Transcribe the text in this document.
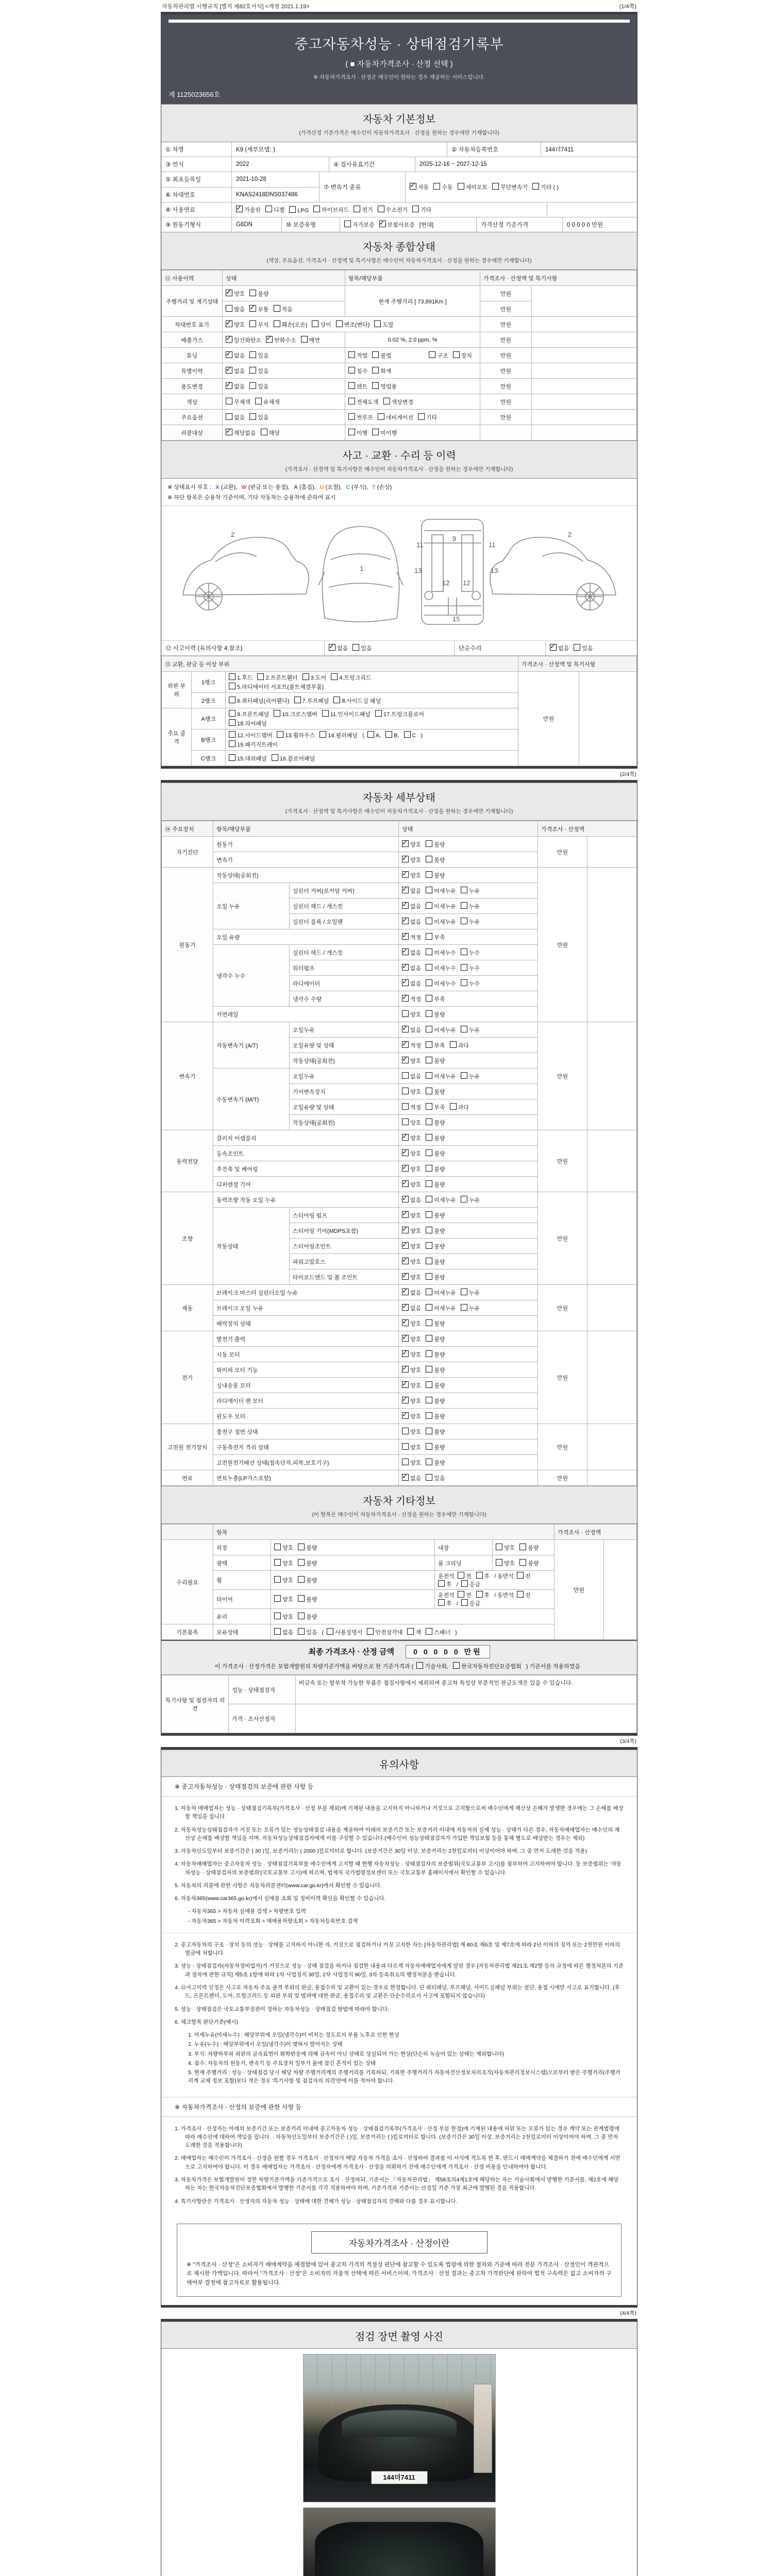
자동차관리법 시행규칙 [별지 제82호서식] <개정 2021.1.19>	(1/4쪽)
중고자동차성능 · 상태점검기록부
( ■ 자동차가격조사 · 산정 선택 )
※ 자동차가격조사 · 산정은 매수인이 원하는 경우 제공하는 서비스입니다.
제 1125023656호
자동차 기본정보
(가격산정 기준가격은 매수인이 자동차가격조사 · 산정을 원하는 경우에만 기재합니다)
① 차명	K9 (세부모델: )	② 자동차등록번호	144더7411
③ 연식	2022	④ 검사유효기간	2025-12-16 ~ 2027-12-15
⑤ 최초등록일	2021-10-28
⑥ 차대번호	KNAS2418DNS037486
⑦ 변속기 종류 ✓	자동	수동	세미오토	무단변속기	기타 ( )
⑧ 사용연료 ✓	가솔린	디젤	LPG	하이브리드	전기	수소전기	기타
⑨ 원동기형식	G6DN	⑩ 보증유형	자가보증 ✓	보험사보증 [현대]	가격산정 기준가격	0 0 0 0 0 만원
자동차 종합상태
(색상, 주요옵션, 가격조사 · 산정액 및 특기사항은 매수인이 자동차가격조사 · 산정을 원하는 경우에만 기재합니다)
⑪ 사용이력	상태	항목/해당부품	가격조사 · 산정액 및 특기사항	
주행거리 및 계기상태	✓양호 불량	현재 주행거리 [ 73,891Km ]	만원	
	많음 ✓ 보통 적음		만원	
차대번호 표기	✓양호 부식 훼손(오손) 상이 변조(변타) 도말		만원	
배출가스	✓일산화탄소 ✓ 탄화수소 매연	0.02 %, 2.0 ppm, %	만원	
튜닝	✓없음 있음	적법 불법 구조 장치	만원	
특별이력	✓없음 있음	침수 화재	만원	
용도변경	✓없음 있음	렌트 영업용	만원	
색상	무채색 유채색	전체도색 색상변경	만원	
주요옵션	없음 있음	썬루프 네비게이션 기타	만원	
리콜대상	✓해당없음 해당	이행 미이행		
사고 · 교환 · 수리 등 이력
(가격조사 · 산정액 및 특기사항은 매수인이 자동차가격조사 · 산정을 원하는 경우에만 기재합니다)
※ 상태표시 부호 : X (교환), W (판금 또는 용접), A (흠집), U (요철), C (부식), T (손상)
※ 하단 항목은 승용차 기준이며, 기타 자동차는 승용차에 준하여 표시
2
1
11	11
13	13
12 12
9
15
2
⑫ 사고이력 (유의사항 4.참조) ✓	없음	있음	단순수리 ✓	없음	있음
⑬ 교환, 판금 등 이상 부위			가격조사 · 산정액 및 특기사항	
외판 부위	1랭크	1.후드 2.프론트휀더 3.도어 4.트렁크리드
5.라디에이터 서포트(볼트체결부품)	만원	
	2랭크	6.쿼터패널(리어휀다) 7.루프패널 8.사이드실 패널		

주요 골격	A랭크	9.프론트패널 10.크로스멤버 11.인사이드패널 17.트렁크플로어
18.리어패널		

	B랭크	12.사이드멤버 13.휠하우스 14.필러패널 ( A, B, C )
19.패키지트레이		

	C랭크	15.대쉬패널 16.플로어패널		
(2/4쪽)
자동차 세부상태
(가격조사 · 산정액 및 특기사항은 매수인이 자동차가격조사 · 산정을 원하는 경우에만 기재합니다)
⑭ 주요장치	항목/해당부품		상태	가격조사 · 산정액	
자기진단	원동기	✓양호 불량	만원	
	변속기	✓양호 불량
원동기	작동상태(공회전)	✓양호 불량	만원	
	오일 누유	실린더 커버(로커암 커버)	✓없음 미세누유 누유
		실린더 헤드 / 개스킷	✓없음 미세누유 누유
		실린더 블록 / 오일팬	✓없음 미세누유 누유
	오일 유량	✓적정 부족
	냉각수 누수	실린더 헤드 / 개스킷	✓없음 미세누수 누수
		워터펌프	✓없음 미세누수 누수
		라디에이터	✓없음 미세누수 누수
		냉각수 수량	✓적정 부족
	커먼레일		양호 불량		
변속기	자동변속기 (A/T)	오일누유	✓없음 미세누유 누유	만원	
		오일유량 및 상태	✓적정 부족 과다
		작동상태(공회전)	✓양호 불량
	수동변속기 (M/T)	오일누유	없음 미세누유 누유		
		기어변속장치	양호 불량		
		오일유량 및 상태	적정 부족 과다		
		작동상태(공회전)	양호 불량		
동력전달	클러치 어셈블리	✓양호 불량	만원	
	등속조인트	✓양호 불량
	추진축 및 베어링	✓양호 불량
	디퍼렌셜 기어	✓양호 불량
조향	동력조향 작동 오일 누유	✓없음 미세누유 누유	만원	
	작동상태	스티어링 펌프	✓양호 불량
		스티어링 기어(MDPS포함)	✓양호 불량
		스티어링조인트	✓양호 불량
		파워고압호스	✓양호 불량
		타이로드엔드 및 볼 조인트	✓양호 불량
제동	브레이크 마스터 실린더오일 누유	✓없음 미세누유 누유	만원	
	브레이크 오일 누유	✓없음 미세누유 누유
	배력장치 상태	✓양호 불량
전기	발전기 출력	✓양호 불량	만원	
	시동 모터	✓양호 불량
	와이퍼 모터 기능	✓양호 불량
	실내송풍 모터	✓양호 불량
	라디에이터 팬 모터	✓양호 불량
	윈도우 모터	✓양호 불량
고전원 전기장치	충전구 절연 상태		양호 불량	만원	
	구동축전지 격리 상태		양호 불량		
	고전원전기배선 상태(접속단자,피복,보호기구)		양호 불량		
연료	연료누출(LP가스포함)	✓없음 있음	만원	
자동차 기타정보
(이 항목은 매수인이 자동차가격조사 · 산정을 원하는 경우에만 기재합니다)
	항목				가격조사 · 산정액	
수리필요	외장	양호 불량	내장	양호 불량	만원	
	광택	양호 불량	룸 크리닝	양호 불량		
	휠	양호 불량	운전석 전 후 / 동반석 전후 / 응급			
	타이어	양호 불량	운전석 전 후 / 동반석 전후 / 응급			
	유리	양호 불량				
기본품목	보유상태	없음 있음 ( 사용설명서 안전삼각대 잭 스패너 )				
최종 가격조사 · 산정 금액	0 0 0 0 0 만원
이 가격조사 · 산정가격은 보험개발원의 차량기준가액을 바탕으로 한 기준가격과 ( 기술사회, 한국자동차진단보증협회 ) 기준서를 적용하였음
특기사항 및 점검자의 의견	성능 · 상태점검자	비금속 또는 탈부착 가능한 부품은 점검사항에서 제외되며 중고차 특성상 부분적인 판금도색은 있을 수 있습니다.
	가격 · 조사산정자	
(3/4쪽)
유의사항
※ 중고자동차성능 · 상태점검의 보증에 관한 사항 등

1. 자동차 매매업자는 성능 · 상태점검기록부(가격조사 · 산정 부분 제외)에 기재된 내용을 고지하지 아니하거나 거짓으로 고지함으로써 매수인에게 재산상 손해가 발생한 경우에는 그 손해를 배상할 책임을 집니다.

2. 자동차성능상태점검자가 거짓 또는 오류가 있는 성능상태점검 내용을 제공하여 아래의 보증기간 또는 보증거리 이내에 자동차의 실제 성능 · 상태가 다른 경우, 자동차매매업자는 매수인의 재산상 손해를 배상할 책임을 지며, 자동차성능상태점검자에게 이를 구상할 수 있습니다.(매수인이 성능상태점검자가 가입한 책임보험 등을 통해 별도로 배상받는 경우는 제외)

3. 자동차인도일부터 보증기간은 ( 30 )일, 보증거리는 ( 2000 )킬로미터로 합니다. (보증기간은 30일 이상, 보증거리는 2천킬로미터 이상이어야 하며, 그 중 먼저 도래한 것을 적용)

4. 자동차매매업자는 중고자동차 성능 · 상태점검기록부를 매수인에게 고지할 때 현행 자동차성능 · 상태점검자의 보증범위(국토교통부 고시)를 첨부하여 고지하여야 합니다. 동 보증범위는 '자동차성능 · 상태점검자의 보증범위'(국토교통부 고시)에 따르며, 법제처 국가법령정보센터 또는 국토교통부 홈페이지에서 확인할 수 있습니다.

5. 자동차의 리콜에 관한 사항은 자동차리콜센터(www.car.go.kr)에서 확인할 수 있습니다.

6. 자동차365(www.car365.go.kr)에서 실매물 조회 및 정비이력 확인을 확인할 수 있습니다.

- 자동차365 > 자동차 실매물 검색 > 차량번호 입력

- 자동차365 > 자동차 이력조회 > 매매용차량조회 > 자동차등록번호 검색

2. 중고자동차의 구조 · 장치 등의 성능 · 상태를 고지하지 아니한 자, 거짓으로 점검하거나 거짓 고지한 자는 [자동차관리법] 제 80조 제6호 및 제7호에 따라 2년 이하의 징역 또는 2천만원 이하의 벌금에 처합니다.

3. 성능 · 상태점검자(자동차정비업자)가 거짓으로 성능 · 상태 점검을 하거나 점검한 내용과 다르게 자동차매매업자에게 알린 경우 [자동차관리법 제21조 제2항 등의 규정에 따른 행정처분의 기준과 절차에 관한 규칙] 제5조 1항에 따라 1차 사업정지 30일, 2차 사업정지 90일, 3차 등록취소의 행정처분을 받습니다.

4. ⑫사고이력 인정은 사고로 자동차 주요 골격 부위의 판금, 용접수리 및 교환이 있는 경우로 한정합니다. 단 쿼터패널, 루프패널, 사이드실패널 부위는 절단, 용접 시에만 사고로 표기합니다. (후드, 프론트펜더, 도어, 트렁크리드 등 외판 부위 및 범퍼에 대한 판금, 용접수리 및 교환은 단순수리로서 사고에 포함되지 않습니다)

5. 성능 · 상태점검은 국토교통부장관이 정하는 자동차성능 · 상태점검 방법에 따라야 합니다.

6. 체크항목 판단기준(예시)

1. 미세누유(미세누수) : 해당부위에 오일(냉각수)이 비치는 정도로서 부품 노후로 인한 현상

2. 누유(누수) : 해당부위에서 오일(냉각수)이 맺혀서 떨어지는 상태

3. 부식: 차량하부와 외판의 금속표면이 화학반응에 의해 금속이 아닌 상태로 상실되어 가는 현상(단순히 녹슬어 있는 상태는 제외합니다)

4. 침수: 자동차의 원동기, 변속기 등 주요장치 일부가 물에 잠긴 흔적이 있는 상태

5. 현재 주행거리 : 성능 · 상태점검 당시 해당 차량 주행거리계의 주행거리를 기록하되, 기록한 주행거리가 자동차전산정보처리조직(자동차관리정보시스템)으로부터 받은 주행거리(주행거리계 교체 정보 포함)보다 적은 경우 '특기사항 및 점검자의 의견'란에 이를 적어야 합니다.

※ 자동차가격조사 · 산정의 보증에 관한 사항 등

1. 가격조사 · 산정자는 아래의 보증기간 또는 보증거리 이내에 중고자동차 성능 · 상태점검기록부(가격조사 · 산정 부분 한정)에 기재된 내용에 허위 또는 오류가 있는 경우 계약 또는 관계법령에 따라 매수인에 대하여 책임을 집니다. · 자동차인도일부터 보증기간은 ( )일, 보증거리는 ( )킬로미터로 합니다. (보증기간은 30일 이상, 보증거리는 2천킬로미터 이상이어야 하며, 그 중 먼저 도래한 것을 적용합니다)

2. 매매업자는 매수인이 가격조사 · 산정을 원할 경우 가격조사 · 산정자가 해당 자동차 가격을 조사 · 산정하여 결과를 이 서식에 적도록 한 후, 반드시 매매계약을 체결하기 전에 매수인에게 서면으로 고지하여야 합니다. 이 경우 매매업자는 가격조사 · 산정자에게 가격조사 · 산정을 의뢰하기 전에 매수인에게 가격조사 · 산정 비용을 안내하여야 합니다.

3. 자동차가격은 보험개발원이 정한 차량기준가액을 기준가격으로 조사 · 산정하되, 기준서는 「자동차관리법」 제58조의4제1호에 해당하는 자는 기술사회에서 발행한 기준서를, 제2호에 해당하는 자는 한국자동차진단보증협회에서 발행한 기준서를 각각 적용하여야 하며, 기준가격과 기준서는 산정일 기준 가장 최근에 발행된 것을 적용합니다.

4. 특기사항란은 가격조사 · 산정자의 자동차 성능 · 상태에 대한 견해가 성능 · 상태점검자의 견해와 다를 경우 표시합니다.

자동차가격조사 · 산정이란
※ "가격조사 · 산정"은 소비자가 매매계약을 체결함에 있어 중고차 가격의 적절성 판단에 참고할 수 있도록 법령에 의한 절차와 기준에 따라 전문 가격조사 · 산정인이 객관적으로 제시한 가액입니다. 따라서 "가격조사 · 산정"은 소비자의 자율적 선택에 따른 서비스이며, 가격조사 · 산정 결과는 중고차 가격판단에 관하여 법적 구속력은 없고 소비자의 구매여부 결정에 참고자료로 활용됩니다.
(4/4쪽)
점검 장면 촬영 사진
144더7411
